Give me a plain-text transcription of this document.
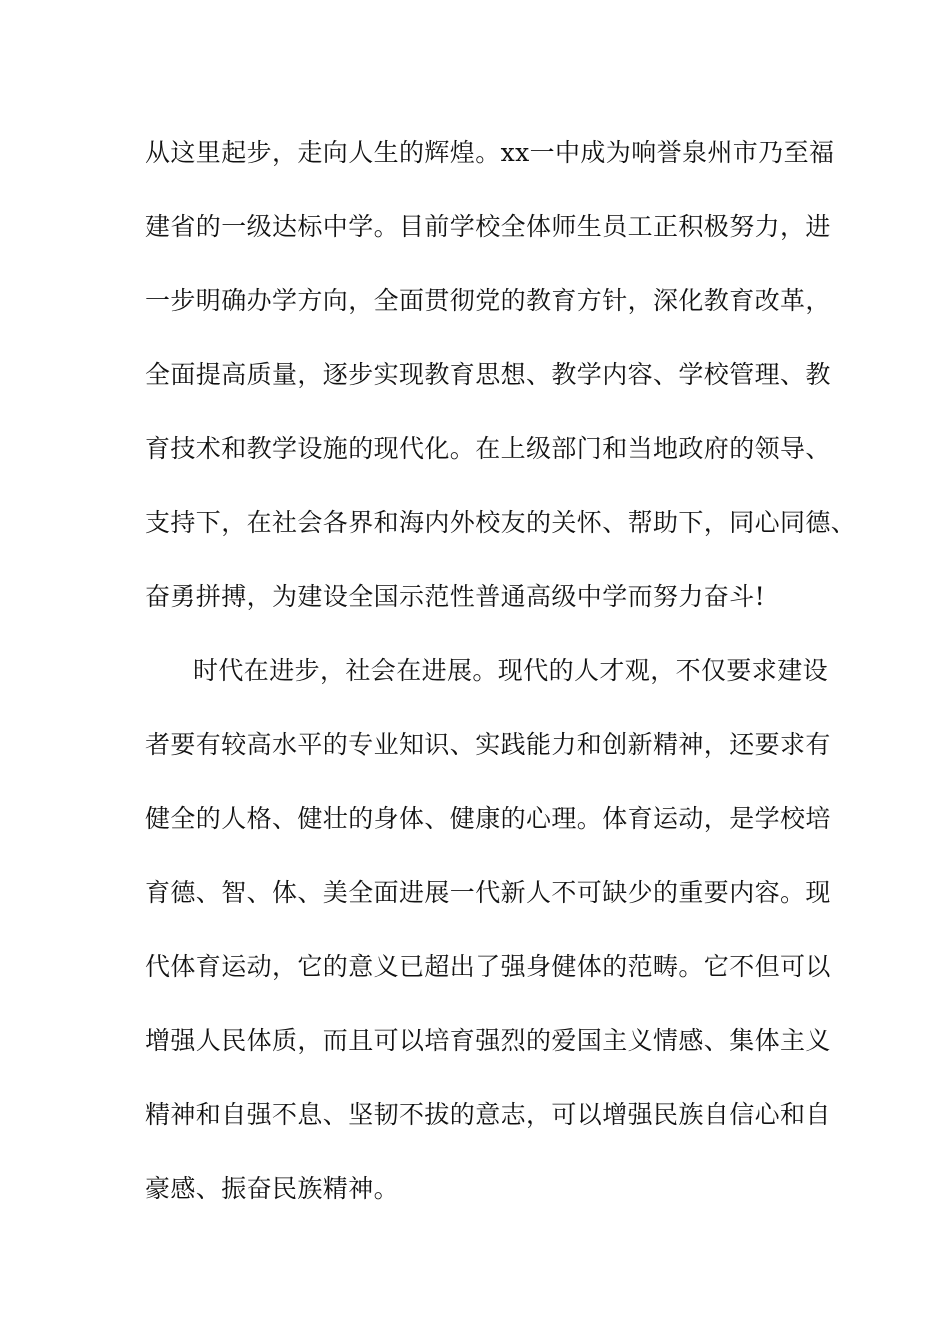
从这里起步，走向人生的辉煌。xx一中成为响誉泉州市乃至福
建省的一级达标中学。目前学校全体师生员工正积极努力，进
一步明确办学方向，全面贯彻党的教育方针，深化教育改革，
全面提高质量，逐步实现教育思想、教学内容、学校管理、教
育技术和教学设施的现代化。在上级部门和当地政府的领导、
支持下，在社会各界和海内外校友的关怀、帮助下，同心同德、
奋勇拼搏，为建设全国示范性普通高级中学而努力奋斗!
时代在进步，社会在进展。现代的人才观，不仅要求建设
者要有较高水平的专业知识、实践能力和创新精神，还要求有
健全的人格、健壮的身体、健康的心理。体育运动，是学校培
育德、智、体、美全面进展一代新人不可缺少的重要内容。现
代体育运动，它的意义已超出了强身健体的范畴。它不但可以
增强人民体质，而且可以培育强烈的爱国主义情感、集体主义
精神和自强不息、坚韧不拔的意志，可以增强民族自信心和自
豪感、振奋民族精神。
